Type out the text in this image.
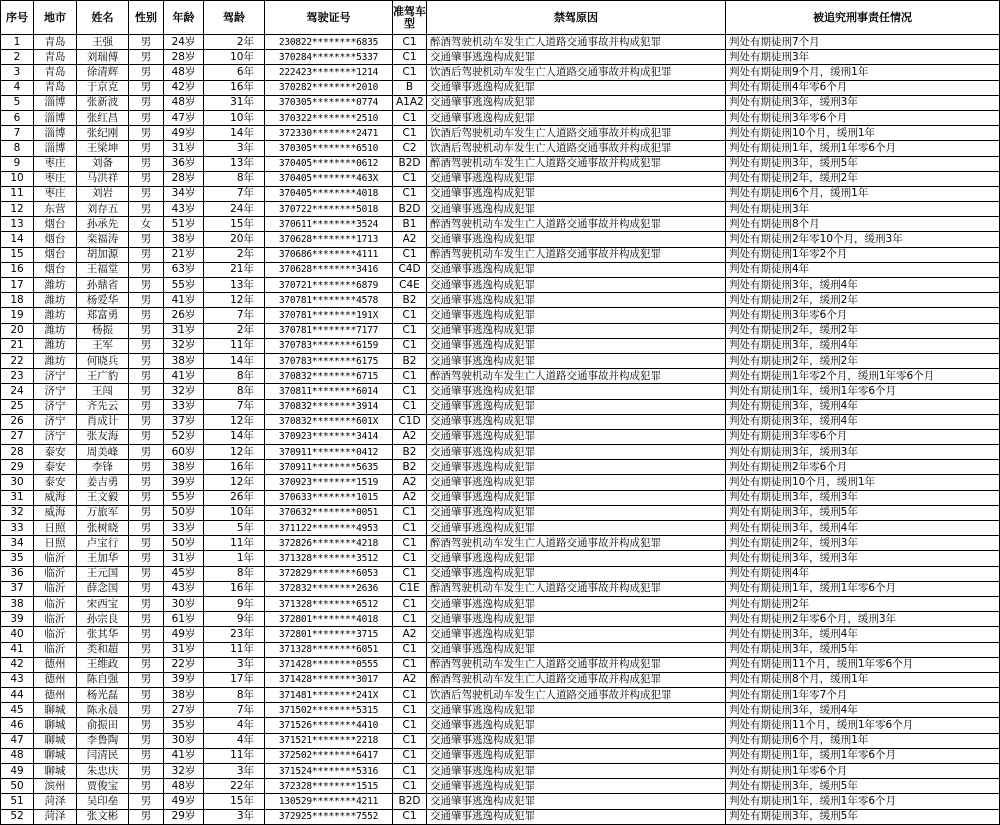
序号	地市	姓名	性别	年龄	驾龄	驾驶证号	准驾车型	禁驾原因	被追究刑事责任情况
1	青岛	王强	男	24岁	2年	230822********6835	C1	醉酒驾驶机动车发生亡人道路交通事故并构成犯罪	判处有期徒刑7个月
2	青岛	刘瑞傅	男	28岁	10年	370284********5337	C1	交通肇事逃逸构成犯罪	判处有期徒刑3年
3	青岛	徐清辉	男	48岁	6年	222423********1214	C1	饮酒后驾驶机动车发生亡人道路交通事故并构成犯罪	判处有期徒刑9个月，缓刑1年
4	青岛	于京克	男	42岁	16年	370282********2010	B	交通肇事逃逸构成犯罪	判处有期徒刑4年零6个月
5	淄博	张新波	男	48岁	31年	370305********0774	A1A2	交通肇事逃逸构成犯罪	判处有期徒刑3年，缓刑3年
6	淄博	张红昌	男	47岁	10年	370322********2510	C1	交通肇事逃逸构成犯罪	判处有期徒刑3年零6个月
7	淄博	张纪刚	男	49岁	14年	372330********2471	C1	饮酒后驾驶机动车发生亡人道路交通事故并构成犯罪	判处有期徒刑10个月，缓刑1年
8	淄博	王梁坤	男	31岁	3年	370305********6510	C2	饮酒后驾驶机动车发生亡人道路交通事故并构成犯罪	判处有期徒刑1年，缓刑1年零6个月
9	枣庄	刘备	男	36岁	13年	370405********0612	B2D	醉酒驾驶机动车发生亡人道路交通事故并构成犯罪	判处有期徒刑3年，缓刑5年
10	枣庄	马洪祥	男	28岁	8年	370405********463X	C1	交通肇事逃逸构成犯罪	判处有期徒刑2年，缓刑2年
11	枣庄	刘岩	男	34岁	7年	370405********4018	C1	交通肇事逃逸构成犯罪	判处有期徒刑6个月，缓刑1年
12	东营	刘存五	男	43岁	24年	370722********5018	B2D	交通肇事逃逸构成犯罪	判处有期徒刑3年
13	烟台	孙承先	女	51岁	15年	370611********3524	B1	醉酒驾驶机动车发生亡人道路交通事故并构成犯罪	判处有期徒刑8个月
14	烟台	栾福涛	男	38岁	20年	370628********1713	A2	交通肇事逃逸构成犯罪	判处有期徒刑2年零10个月，缓刑3年
15	烟台	胡加源	男	21岁	2年	370686********4111	C1	醉酒驾驶机动车发生亡人道路交通事故并构成犯罪	判处有期徒刑1年零2个月
16	烟台	王福堂	男	63岁	21年	370628********3416	C4D	交通肇事逃逸构成犯罪	判处有期徒刑4年
17	潍坊	孙鼎省	男	55岁	13年	370721********6879	C4E	交通肇事逃逸构成犯罪	判处有期徒刑3年，缓刑4年
18	潍坊	杨爱华	男	41岁	12年	370781********4578	B2	交通肇事逃逸构成犯罪	判处有期徒刑2年，缓刑2年
19	潍坊	郑富勇	男	26岁	7年	370781********191X	C1	交通肇事逃逸构成犯罪	判处有期徒刑3年零6个月
20	潍坊	杨振	男	31岁	2年	370781********7177	C1	交通肇事逃逸构成犯罪	判处有期徒刑2年，缓刑2年
21	潍坊	王军	男	32岁	11年	370783********6159	C1	交通肇事逃逸构成犯罪	判处有期徒刑3年，缓刑4年
22	潍坊	何晓兵	男	38岁	14年	370783********6175	B2	交通肇事逃逸构成犯罪	判处有期徒刑2年，缓刑2年
23	济宁	王广豹	男	41岁	8年	370832********6715	C1	醉酒驾驶机动车发生亡人道路交通事故并构成犯罪	判处有期徒刑1年零2个月，缓刑1年零6个月
24	济宁	王闯	男	32岁	8年	370811********6014	C1	交通肇事逃逸构成犯罪	判处有期徒刑1年，缓刑1年零6个月
25	济宁	齐先云	男	33岁	7年	370832********3914	C1	交通肇事逃逸构成犯罪	判处有期徒刑3年，缓刑4年
26	济宁	肖成计	男	37岁	12年	370832********601X	C1D	交通肇事逃逸构成犯罪	判处有期徒刑3年，缓刑4年
27	济宁	张友海	男	52岁	14年	370923********3414	A2	交通肇事逃逸构成犯罪	判处有期徒刑3年零6个月
28	泰安	周美峰	男	60岁	12年	370911********0412	B2	交通肇事逃逸构成犯罪	判处有期徒刑3年，缓刑3年
29	泰安	李锋	男	38岁	16年	370911********5635	B2	交通肇事逃逸构成犯罪	判处有期徒刑2年零6个月
30	泰安	姜吉勇	男	39岁	12年	370923********1519	A2	交通肇事逃逸构成犯罪	判处有期徒刑10个月，缓刑1年
31	威海	王文毅	男	55岁	26年	370633********1015	A2	交通肇事逃逸构成犯罪	判处有期徒刑3年，缓刑3年
32	威海	万旅军	男	50岁	10年	370632********0051	C1	交通肇事逃逸构成犯罪	判处有期徒刑3年，缓刑5年
33	日照	张树晓	男	33岁	5年	371122********4953	C1	交通肇事逃逸构成犯罪	判处有期徒刑3年，缓刑4年
34	日照	卢宝行	男	50岁	11年	372826********4218	C1	醉酒驾驶机动车发生亡人道路交通事故并构成犯罪	判处有期徒刑2年，缓刑3年
35	临沂	王加华	男	31岁	1年	371328********3512	C1	交通肇事逃逸构成犯罪	判处有期徒刑3年，缓刑3年
36	临沂	王元国	男	45岁	8年	372829********6053	C1	交通肇事逃逸构成犯罪	判处有期徒刑4年
37	临沂	薛念国	男	43岁	16年	372832********2636	C1E	醉酒驾驶机动车发生亡人道路交通事故并构成犯罪	判处有期徒刑1年，缓刑1年零6个月
38	临沂	宋西宝	男	30岁	9年	371328********6512	C1	交通肇事逃逸构成犯罪	判处有期徒刑2年
39	临沂	孙宗良	男	61岁	9年	372801********4018	C1	交通肇事逃逸构成犯罪	判处有期徒刑2年零6个月，缓刑3年
40	临沂	张其华	男	49岁	23年	372801********3715	A2	交通肇事逃逸构成犯罪	判处有期徒刑3年，缓刑4年
41	临沂	类和超	男	31岁	11年	371328********6051	C1	交通肇事逃逸构成犯罪	判处有期徒刑3年，缓刑5年
42	德州	王维政	男	22岁	3年	371428********0555	C1	醉酒驾驶机动车发生亡人道路交通事故并构成犯罪	判处有期徒刑11个月，缓刑1年零6个月
43	德州	陈自强	男	39岁	17年	371428********3017	A2	醉酒驾驶机动车发生亡人道路交通事故并构成犯罪	判处有期徒刑8个月，缓刑1年
44	德州	杨光磊	男	38岁	8年	371481********241X	C1	饮酒后驾驶机动车发生亡人道路交通事故并构成犯罪	判处有期徒刑1年零7个月
45	聊城	陈永晨	男	27岁	7年	371502********5315	C1	交通肇事逃逸构成犯罪	判处有期徒刑3年，缓刑4年
46	聊城	俞振田	男	35岁	4年	371526********4410	C1	交通肇事逃逸构成犯罪	判处有期徒刑11个月，缓刑1年零6个月
47	聊城	李鲁陶	男	30岁	4年	371521********2218	C1	交通肇事逃逸构成犯罪	判处有期徒刑6个月，缓刑1年
48	聊城	闫清民	男	41岁	11年	372502********6417	C1	交通肇事逃逸构成犯罪	判处有期徒刑1年，缓刑1年零6个月
49	聊城	朱忠庆	男	32岁	3年	371524********5316	C1	交通肇事逃逸构成犯罪	判处有期徒刑1年零6个月
50	滨州	贾俊宝	男	48岁	22年	372328********1515	C1	交通肇事逃逸构成犯罪	判处有期徒刑3年，缓刑5年
51	菏泽	吴印垒	男	49岁	15年	130529********4211	B2D	交通肇事逃逸构成犯罪	判处有期徒刑1年，缓刑1年零6个月
52	菏泽	张文彬	男	29岁	3年	372925********7552	C1	交通肇事逃逸构成犯罪	判处有期徒刑3年，缓刑5年
